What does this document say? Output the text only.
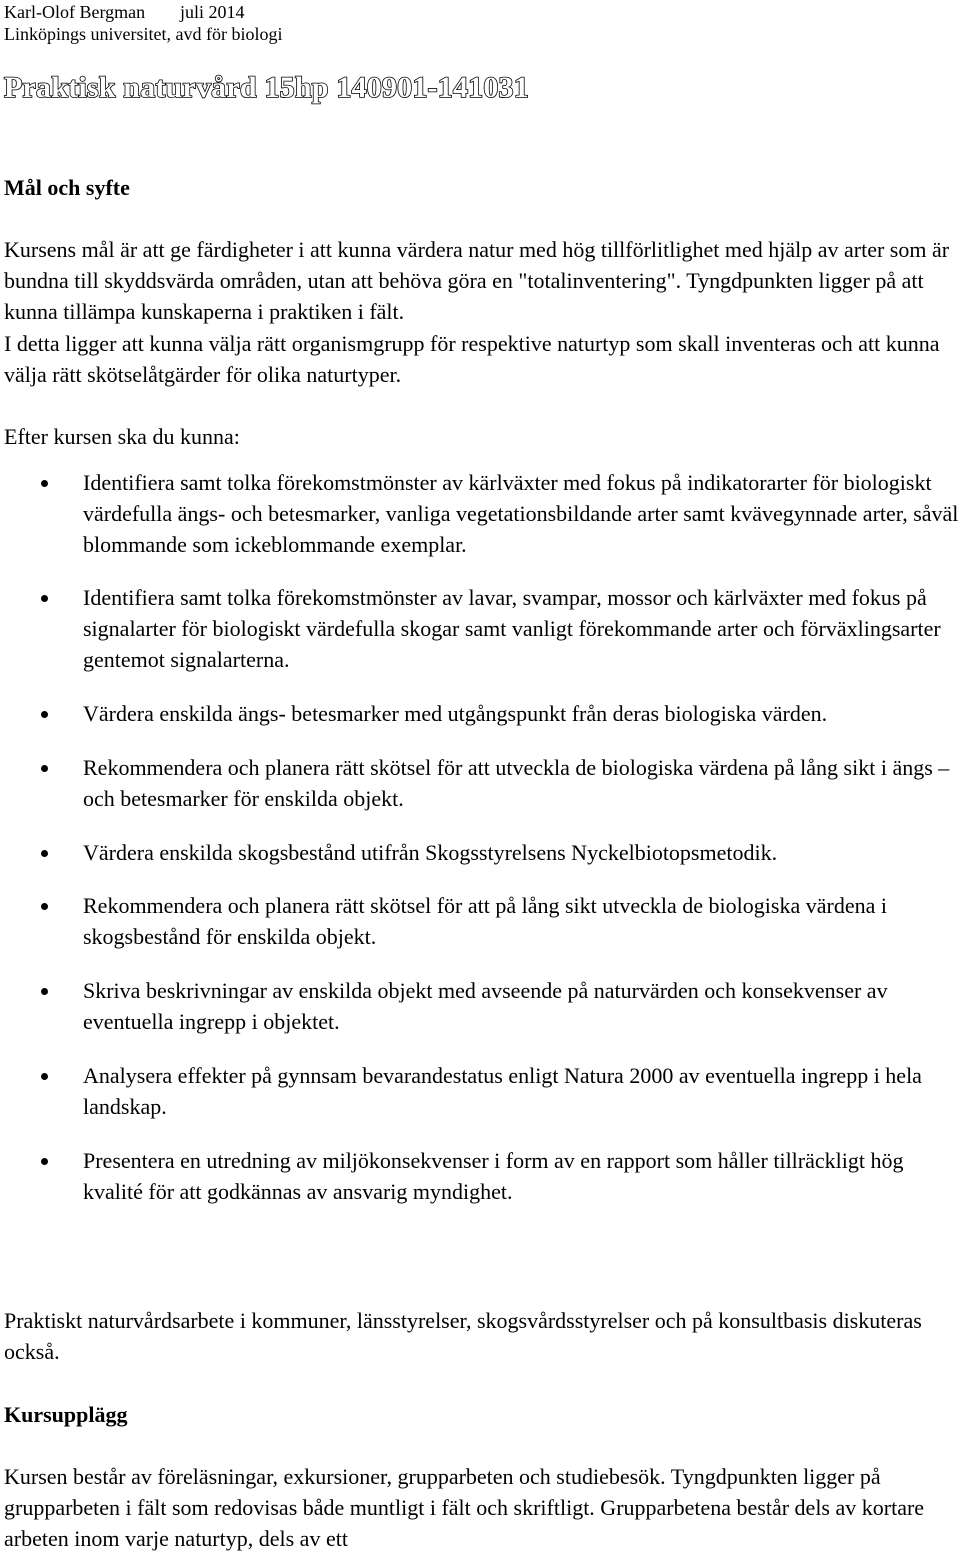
Karl-Olof Bergman juli 2014
Linköpings universitet, avd för biologi
Praktisk naturvård 15hp 140901-141031
Mål och syfte

Kursens mål är att ge färdigheter i att kunna värdera natur med hög tillförlitlighet med hjälp av arter som är bundna till skyddsvärda områden, utan att behöva göra en "totalinventering". Tyngdpunkten ligger på att kunna tillämpa kunskaperna i praktiken i fält.

I detta ligger att kunna välja rätt organismgrupp för respektive naturtyp som skall inventeras och att kunna välja rätt skötselåtgärder för olika naturtyper.

Efter kursen ska du kunna:

Identifiera samt tolka förekomstmönster av kärlväxter med fokus på indikatorarter för biologiskt värdefulla ängs- och betesmarker, vanliga vegetationsbildande arter samt kvävegynnade arter, såväl blommande som ickeblommande exemplar.
Identifiera samt tolka förekomstmönster av lavar, svampar, mossor och kärlväxter med fokus på signalarter för biologiskt värdefulla skogar samt vanligt förekommande arter och förväxlingsarter gentemot signalarterna.
Värdera enskilda ängs- betesmarker med utgångspunkt från deras biologiska värden.
Rekommendera och planera rätt skötsel för att utveckla de biologiska värdena på lång sikt i ängs – och betesmarker för enskilda objekt.
Värdera enskilda skogsbestånd utifrån Skogsstyrelsens Nyckelbiotopsmetodik.
Rekommendera och planera rätt skötsel för att på lång sikt utveckla de biologiska värdena i skogsbestånd för enskilda objekt.
Skriva beskrivningar av enskilda objekt med avseende på naturvärden och konsekvenser av eventuella ingrepp i objektet.
Analysera effekter på gynnsam bevarandestatus enligt Natura 2000 av eventuella ingrepp i hela landskap.
Presentera en utredning av miljökonsekvenser i form av en rapport som håller tillräckligt hög kvalité för att godkännas av ansvarig myndighet.

Praktiskt naturvårdsarbete i kommuner, länsstyrelser, skogsvårdsstyrelser och på konsultbasis diskuteras också.

Kursupplägg

Kursen består av föreläsningar, exkursioner, grupparbeten och studiebesök. Tyngdpunkten ligger på grupparbeten i fält som redovisas både muntligt i fält och skriftligt. Grupparbetena består dels av kortare arbeten inom varje naturtyp, dels av ett
